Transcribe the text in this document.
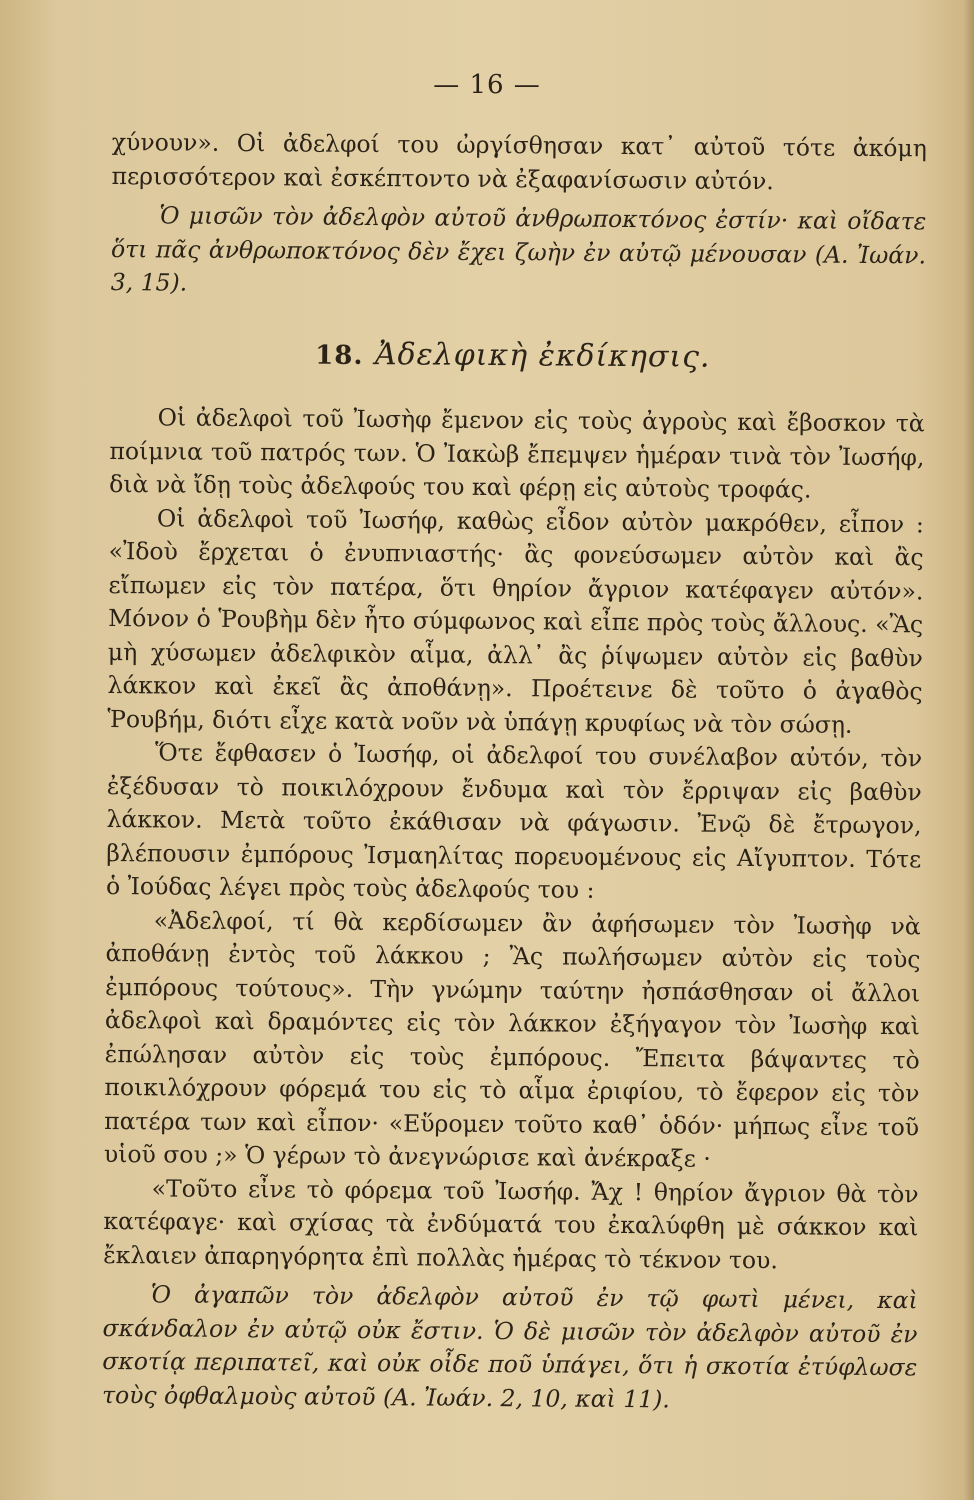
— 16 —

χύνουν». Οἱ ἀδελφοί του ὠργίσθησαν κατ᾽ αὐτοῦ τότε ἀκόμη περισσότερον καὶ ἐσκέπτοντο νὰ ἐξαφανίσωσιν αὐτόν.

Ὁ μισῶν τὸν ἀδελφὸν αὐτοῦ ἀνθρωποκτόνος ἐστίν· καὶ οἴδατε ὅτι πᾶς ἀνθρωποκτόνος δὲν ἔχει ζωὴν ἐν αὐτῷ μένουσαν (Α. Ἰωάν. 3, 15).

18. Ἀδελφικὴ ἐκδίκησις.

Οἱ ἀδελφοὶ τοῦ Ἰωσὴφ ἔμενον εἰς τοὺς ἀγροὺς καὶ ἔβοσκον τὰ ποίμνια τοῦ πατρός των. Ὁ Ἰακὼβ ἔπεμψεν ἡμέραν τινὰ τὸν Ἰωσήφ, διὰ νὰ ἴδῃ τοὺς ἀδελφούς του καὶ φέρῃ εἰς αὐτοὺς τροφάς.

Οἱ ἀδελφοὶ τοῦ Ἰωσήφ, καθὼς εἶδον αὐτὸν μακρόθεν, εἶπον : «Ἰδοὺ ἔρχεται ὁ ἐνυπνιαστής· ἂς φονεύσωμεν αὐτὸν καὶ ἂς εἴπωμεν εἰς τὸν πατέρα, ὅτι θηρίον ἄγριον κατέφαγεν αὐτόν». Μόνον ὁ Ῥουβὴμ δὲν ἦτο σύμφωνος καὶ εἶπε πρὸς τοὺς ἄλλους. «Ἂς μὴ χύσωμεν ἀδελφικὸν αἷμα, ἀλλ᾽ ἂς ῥίψωμεν αὐτὸν εἰς βαθὺν λάκκον καὶ ἐκεῖ ἂς ἀποθάνῃ». Προέτεινε δὲ τοῦτο ὁ ἀγαθὸς Ῥουβήμ, διότι εἶχε κατὰ νοῦν νὰ ὑπάγῃ κρυφίως νὰ τὸν σώσῃ.

Ὅτε ἔφθασεν ὁ Ἰωσήφ, οἱ ἀδελφοί του συνέλαβον αὐτόν, τὸν ἐξέδυσαν τὸ ποικιλόχρουν ἔνδυμα καὶ τὸν ἔρριψαν εἰς βαθὺν λάκκον. Μετὰ τοῦτο ἐκάθισαν νὰ φάγωσιν. Ἐνῷ δὲ ἔτρωγον, βλέπουσιν ἐμπόρους Ἰσμαηλίτας πορευομένους εἰς Αἴγυπτον. Τότε ὁ Ἰούδας λέγει πρὸς τοὺς ἀδελφούς του :

«Ἀδελφοί, τί θὰ κερδίσωμεν ἂν ἀφήσωμεν τὸν Ἰωσὴφ νὰ ἀποθάνῃ ἐντὸς τοῦ λάκκου ; Ἂς πωλήσωμεν αὐτὸν εἰς τοὺς ἐμπόρους τούτους». Τὴν γνώμην ταύτην ἠσπάσθησαν οἱ ἄλλοι ἀδελφοὶ καὶ δραμόντες εἰς τὸν λάκκον ἐξήγαγον τὸν Ἰωσὴφ καὶ ἐπώλησαν αὐτὸν εἰς τοὺς ἐμπόρους. Ἔπειτα βάψαντες τὸ ποικιλόχρουν φόρεμά του εἰς τὸ αἷμα ἐριφίου, τὸ ἔφερον εἰς τὸν πατέρα των καὶ εἶπον· «Εὕρομεν τοῦτο καθ᾽ ὁδόν· μήπως εἶνε τοῦ υἱοῦ σου ;» Ὁ γέρων τὸ ἀνεγνώρισε καὶ ἀνέκραξε ·

«Τοῦτο εἶνε τὸ φόρεμα τοῦ Ἰωσήφ. Ἄχ ! θηρίον ἄγριον θὰ τὸν κατέφαγε· καὶ σχίσας τὰ ἐνδύματά του ἐκαλύφθη μὲ σάκκον καὶ ἔκλαιεν ἀπαρηγόρητα ἐπὶ πολλὰς ἡμέρας τὸ τέκνον του.

Ὁ ἀγαπῶν τὸν ἀδελφὸν αὐτοῦ ἐν τῷ φωτὶ μένει, καὶ σκάνδαλον ἐν αὐτῷ οὐκ ἔστιν. Ὁ δὲ μισῶν τὸν ἀδελφὸν αὐτοῦ ἐν σκοτίᾳ περιπατεῖ, καὶ οὐκ οἶδε ποῦ ὑπάγει, ὅτι ἡ σκοτία ἐτύφλωσε τοὺς ὀφθαλμοὺς αὐτοῦ (Α. Ἰωάν. 2, 10, καὶ 11).
